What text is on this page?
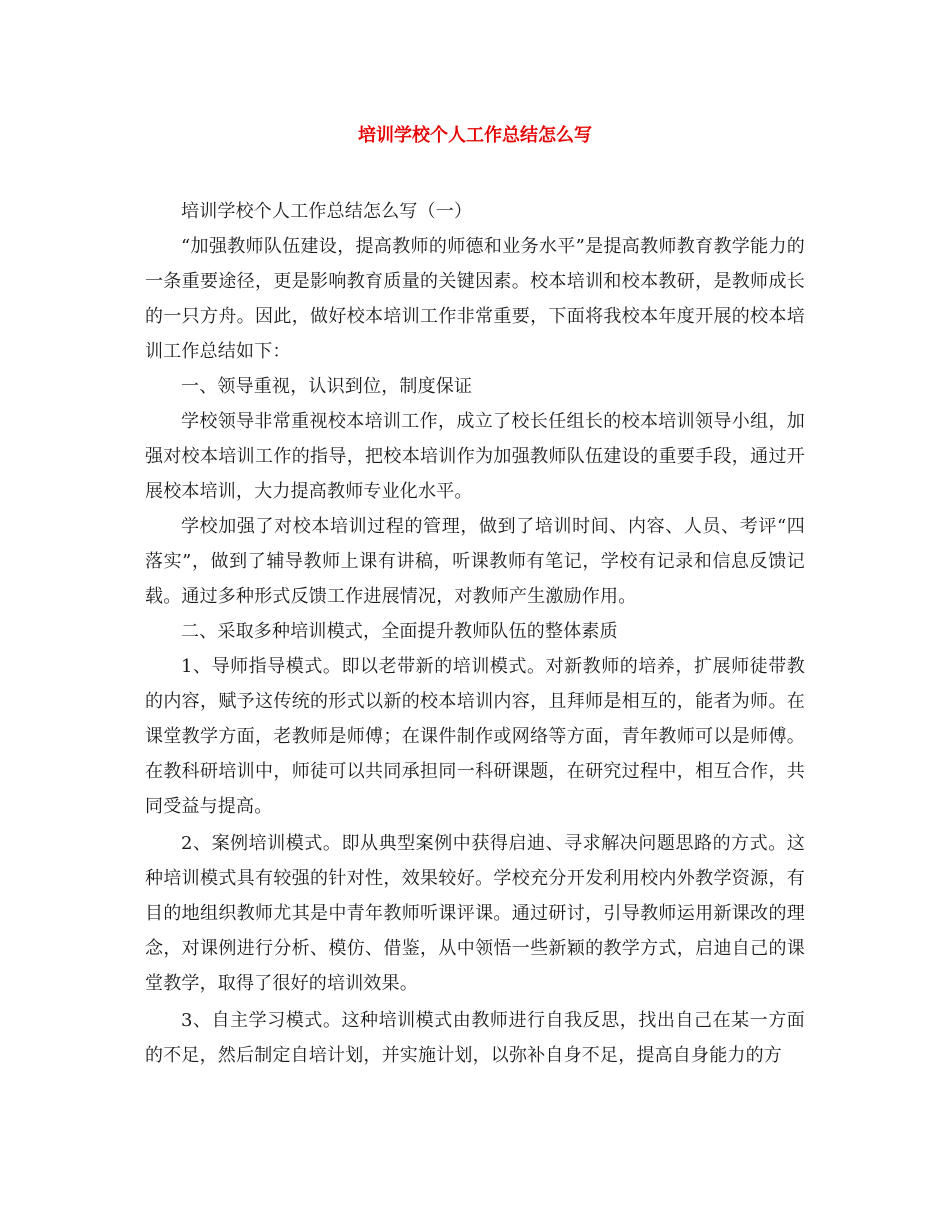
培训学校个人工作总结怎么写

培训学校个人工作总结怎么写（一）

“加强教师队伍建设，提高教师的师德和业务水平”是提高教师教育教学能力的一条重要途径，更是影响教育质量的关键因素。校本培训和校本教研，是教师成长的一只方舟。因此，做好校本培训工作非常重要，下面将我校本年度开展的校本培训工作总结如下：

一、领导重视，认识到位，制度保证

学校领导非常重视校本培训工作，成立了校长任组长的校本培训领导小组，加强对校本培训工作的指导，把校本培训作为加强教师队伍建设的重要手段，通过开展校本培训，大力提高教师专业化水平。

学校加强了对校本培训过程的管理，做到了培训时间、内容、人员、考评“四落实”，做到了辅导教师上课有讲稿，听课教师有笔记，学校有记录和信息反馈记载。通过多种形式反馈工作进展情况，对教师产生激励作用。

二、采取多种培训模式，全面提升教师队伍的整体素质

1、导师指导模式。即以老带新的培训模式。对新教师的培养，扩展师徒带教的内容，赋予这传统的形式以新的校本培训内容，且拜师是相互的，能者为师。在课堂教学方面，老教师是师傅；在课件制作或网络等方面，青年教师可以是师傅。在教科研培训中，师徒可以共同承担同一科研课题，在研究过程中，相互合作，共同受益与提高。

2、案例培训模式。即从典型案例中获得启迪、寻求解决问题思路的方式。这种培训模式具有较强的针对性，效果较好。学校充分开发利用校内外教学资源，有目的地组织教师尤其是中青年教师听课评课。通过研讨，引导教师运用新课改的理念，对课例进行分析、模仿、借鉴，从中领悟一些新颖的教学方式，启迪自己的课堂教学，取得了很好的培训效果。

3、自主学习模式。这种培训模式由教师进行自我反思，找出自己在某一方面的不足，然后制定自培计划，并实施计划，以弥补自身不足，提高自身能力的方
